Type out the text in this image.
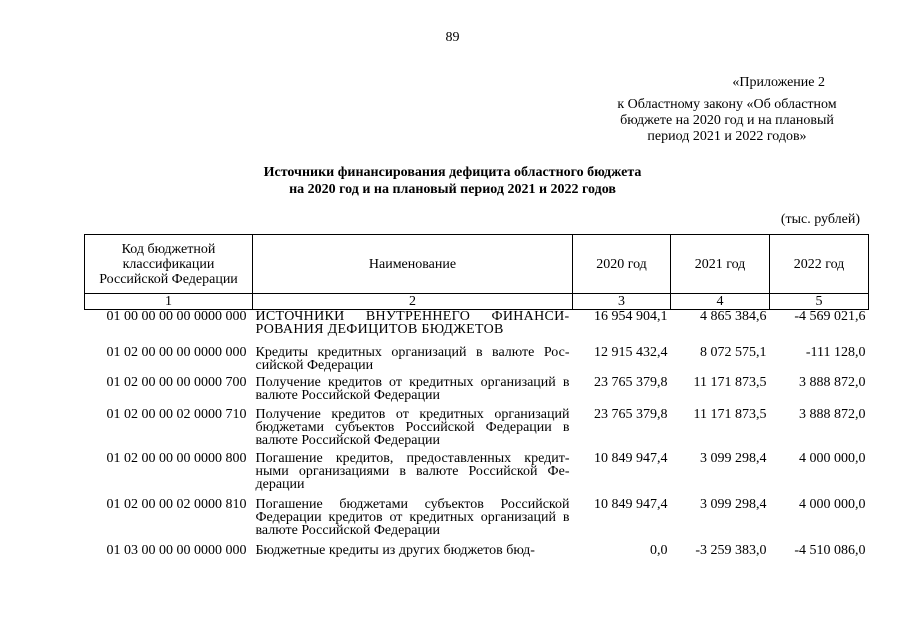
89
«Приложение 2
к Областному закону «Об областном бюджете на 2020 год и на плановый период 2021 и 2022 годов»
Источники финансирования дефицита областного бюджета
на 2020 год и на плановый период 2021 и 2022 годов
(тыс. рублей)
Код бюджетной классификации Российской Федерации	Наименование	2020 год	2021 год	2022 год
1	2	3	4	5
01 00 00 00 00 0000 000	ИСТОЧНИКИ ВНУТРЕННЕГО ФИНАНСИ-РОВАНИЯ ДЕФИЦИТОВ БЮДЖЕТОВ	16 954 904,1	4 865 384,6	-4 569 021,6
01 02 00 00 00 0000 000	Кредиты кредитных организаций в валюте Рос-сийской Федерации	12 915 432,4	8 072 575,1	-111 128,0
01 02 00 00 00 0000 700	Получение кредитов от кредитных организаций в валюте Российской Федерации	23 765 379,8	11 171 873,5	3 888 872,0
01 02 00 00 02 0000 710	Получение кредитов от кредитных организаций бюджетами субъектов Российской Федерации в валюте Российской Федерации	23 765 379,8	11 171 873,5	3 888 872,0
01 02 00 00 00 0000 800	Погашение кредитов, предоставленных кредит-ными организациями в валюте Российской Фе-дерации	10 849 947,4	3 099 298,4	4 000 000,0
01 02 00 00 02 0000 810	Погашение бюджетами субъектов Российской Федерации кредитов от кредитных организаций в валюте Российской Федерации	10 849 947,4	3 099 298,4	4 000 000,0
01 03 00 00 00 0000 000	Бюджетные кредиты из других бюджетов бюд-	0,0	-3 259 383,0	-4 510 086,0
